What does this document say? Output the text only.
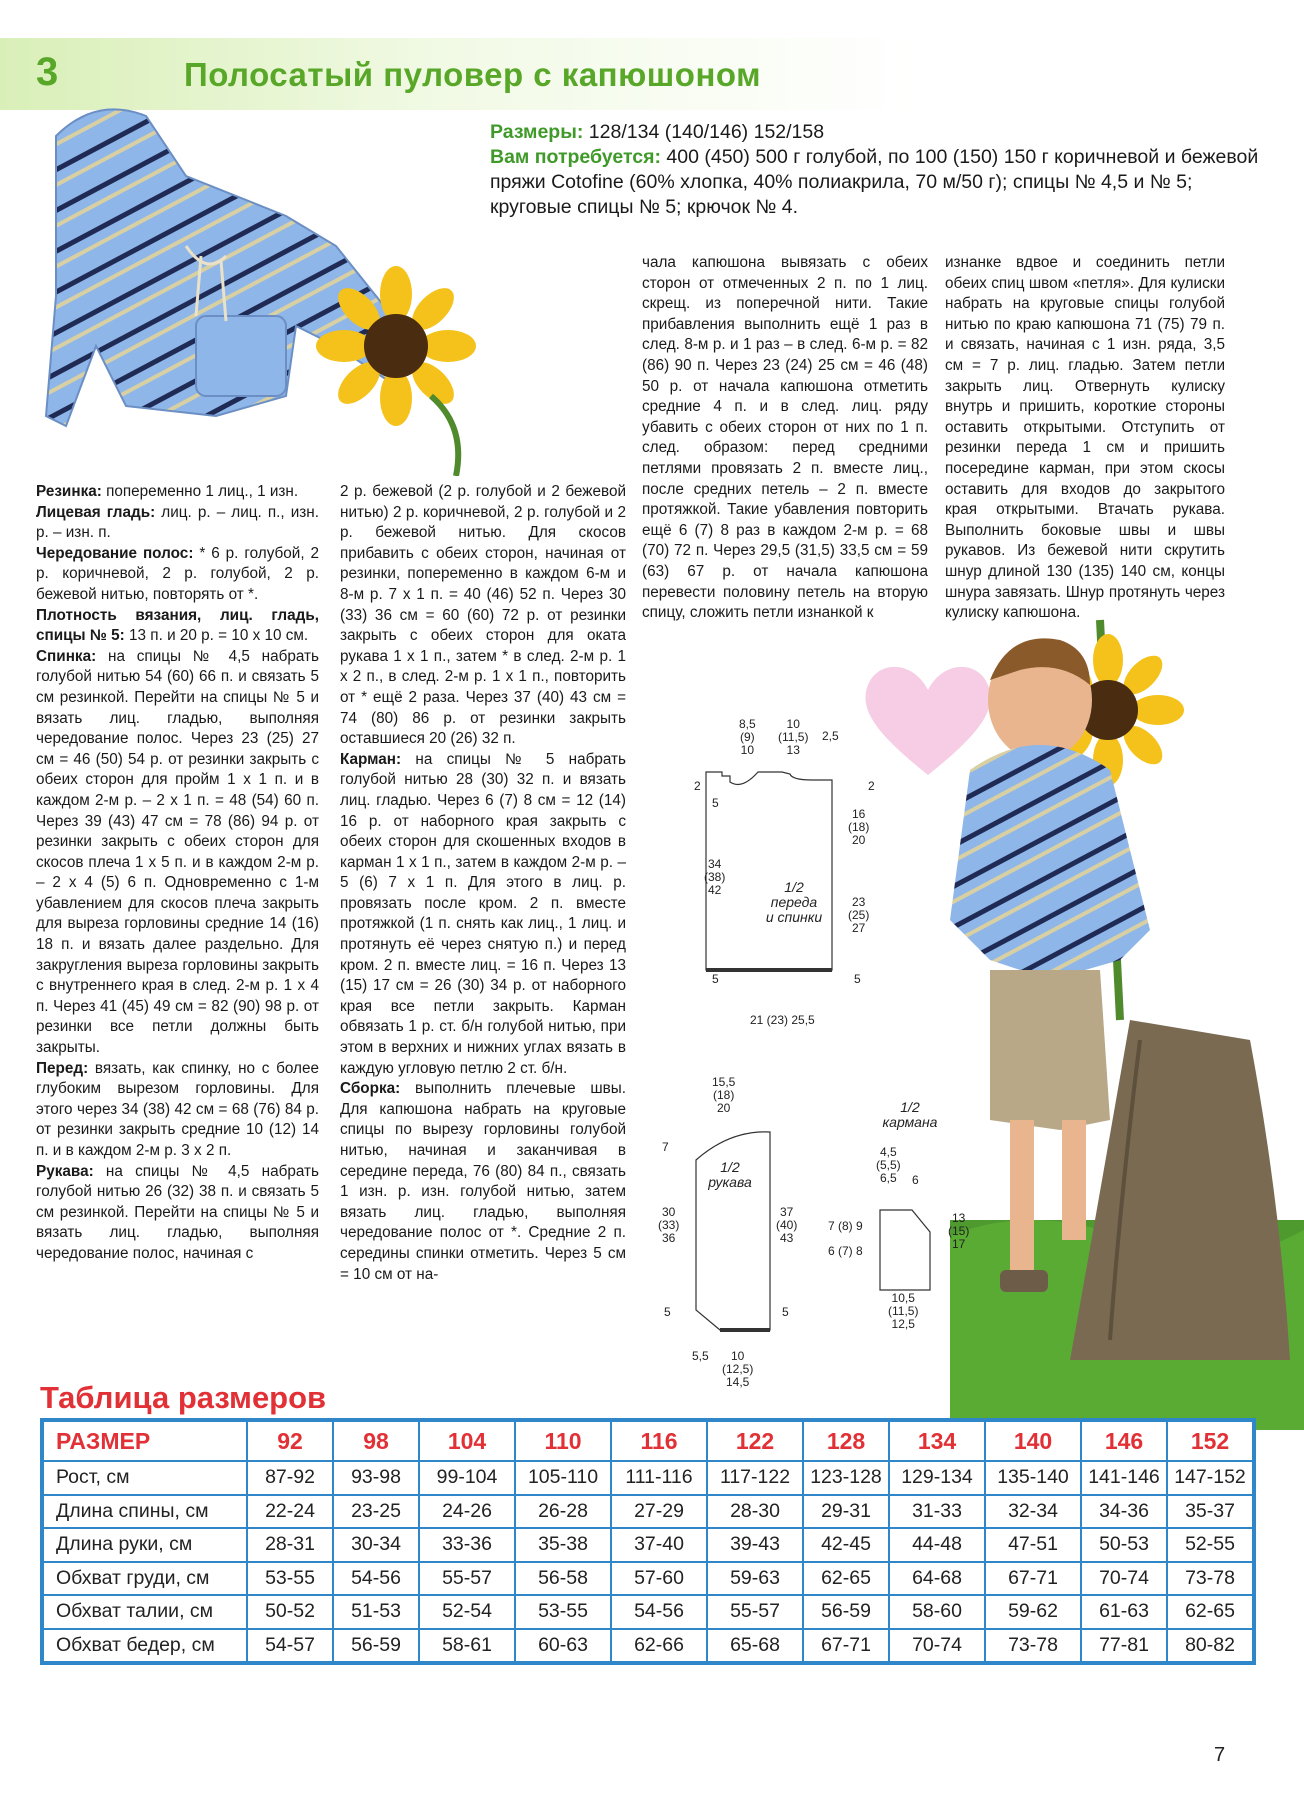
3	Полосатый пуловер с капюшоном
Размеры: 128/134 (140/146) 152/158
Вам потребуется: 400 (450) 500 г голубой, по 100 (150) 150 г коричневой и бежевой пряжи Cotofine (60% хлопка, 40% полиакрила, 70 м/50 г); спицы № 4,5 и № 5; круговые спицы № 5; крючок № 4.

Резинка: попеременно 1 лиц., 1 изн.

Лицевая гладь: лиц. р. – лиц. п., изн. р. – изн. п.

Чередование полос: * 6 р. голубой, 2 р. коричневой, 2 р. голубой, 2 р. бежевой нитью, повторять от *.

Плотность вязания, лиц. гладь, спицы № 5: 13 п. и 20 р. = 10 х 10 см.

Спинка: на спицы № 4,5 набрать голубой нитью 54 (60) 66 п. и связать 5 см резинкой. Перейти на спицы № 5 и вязать лиц. гладью, выполняя чередование полос. Через 23 (25) 27 см = 46 (50) 54 р. от резинки закрыть с обеих сторон для пройм 1 х 1 п. и в каждом 2-м р. – 2 х 1 п. = 48 (54) 60 п. Через 39 (43) 47 см = 78 (86) 94 р. от резинки закрыть с обеих сторон для скосов плеча 1 х 5 п. и в каждом 2-м р. – 2 х 4 (5) 6 п. Одновременно с 1-м убавлением для скосов плеча закрыть для выреза горловины средние 14 (16) 18 п. и вязать далее раздельно. Для закругления выреза горловины закрыть с внутреннего края в след. 2-м р. 1 х 4 п. Через 41 (45) 49 см = 82 (90) 98 р. от резинки все петли должны быть закрыты.

Перед: вязать, как спинку, но с более глубоким вырезом горловины. Для этого через 34 (38) 42 см = 68 (76) 84 р. от резинки закрыть средние 10 (12) 14 п. и в каждом 2-м р. 3 х 2 п.

Рукава: на спицы № 4,5 набрать голубой нитью 26 (32) 38 п. и связать 5 см резинкой. Перейти на спицы № 5 и вязать лиц. гладью, выполняя чередование полос, начиная с

2 р. бежевой (2 р. голубой и 2 бежевой нитью) 2 р. коричневой, 2 р. голубой и 2 р. бежевой нитью. Для скосов прибавить с обеих сторон, начиная от резинки, попеременно в каждом 6-м и 8-м р. 7 х 1 п. = 40 (46) 52 п. Через 30 (33) 36 см = 60 (60) 72 р. от резинки закрыть с обеих сторон для оката рукава 1 х 1 п., затем * в след. 2-м р. 1 х 2 п., в след. 2-м р. 1 х 1 п., повторить от * ещё 2 раза. Через 37 (40) 43 см = 74 (80) 86 р. от резинки закрыть оставшиеся 20 (26) 32 п.

Карман: на спицы № 5 набрать голубой нитью 28 (30) 32 п. и вязать лиц. гладью. Через 6 (7) 8 см = 12 (14) 16 р. от наборного края закрыть с обеих сторон для скошенных входов в карман 1 х 1 п., затем в каждом 2-м р. – 5 (6) 7 х 1 п. Для этого в лиц. р. провязать после кром. 2 п. вместе протяжкой (1 п. снять как лиц., 1 лиц. и протянуть её через снятую п.) и перед кром. 2 п. вместе лиц. = 16 п. Через 13 (15) 17 см = 26 (30) 34 р. от наборного края все петли закрыть. Карман обвязать 1 р. ст. б/н голубой нитью, при этом в верхних и нижних углах вязать в каждую угловую петлю 2 ст. б/н.

Сборка: выполнить плечевые швы. Для капюшона набрать на круговые спицы по вырезу горловины голубой нитью, начиная и заканчивая в середине переда, 76 (80) 84 п., связать 1 изн. р. изн. голубой нитью, затем вязать лиц. гладью, выполняя чередование полос от *. Средние 2 п. середины спинки отметить. Через 5 см = 10 см от на-

чала капюшона вывязать с обеих сторон от отмеченных 2 п. по 1 лиц. скрещ. из поперечной нити. Такие прибавления выполнить ещё 1 раз в след. 8-м р. и 1 раз – в след. 6-м р. = 82 (86) 90 п. Через 23 (24) 25 см = 46 (48) 50 р. от начала капюшона отметить средние 4 п. и в след. лиц. ряду убавить с обеих сторон от них по 1 п. след. образом: перед средними петлями провязать 2 п. вместе лиц., после средних петель – 2 п. вместе протяжкой. Такие убавления повторить ещё 6 (7) 8 раз в каждом 2-м р. = 68 (70) 72 п. Через 29,5 (31,5) 33,5 см = 59 (63) 67 р. от начала капюшона перевести половину петель на вторую спицу, сложить петли изнанкой к

изнанке вдвое и соединить петли обеих спиц швом «петля». Для кулиски набрать на круговые спицы голубой нитью по краю капюшона 71 (75) 79 п. и связать, начиная с 1 изн. ряда, 3,5 см = 7 р. лиц. гладью. Затем петли закрыть лиц. Отвернуть кулиску внутрь и пришить, короткие стороны оставить открытыми. Отступить от резинки переда 1 см и пришить посередине карман, при этом скосы оставить для входов до закрытого края открытыми. Втачать рукава. Выполнить боковые швы и швы рукавов. Из бежевой нити скрутить шнур длиной 130 (135) 140 см, концы шнура завязать. Шнур протянуть через кулиску капюшона.

8,5
(9)
10
10
(11,5)
13
2,5
2
5
2
16
(18)
20
34
(38)
42
23
(25)
27
1/2
переда
и спинки
5	5
21 (23) 25,5
15,5
(18)
20
7
1/2
рукава
30
(33)
36
37
(40)
43
5	5
5,5	10
(12,5)
14,5
1/2
кармана
4,5
(5,5)
6,5	6
7 (8) 9
6 (7) 8
13
(15)
17
10,5
(11,5)
12,5
Таблица размеров
РАЗМЕР	92	98	104	110	116	122	128	134	140	146	152
Рост, см	87-92	93-98	99-104	105-110	111-116	117-122	123-128	129-134	135-140	141-146	147-152
Длина спины, см	22-24	23-25	24-26	26-28	27-29	28-30	29-31	31-33	32-34	34-36	35-37
Длина руки, см	28-31	30-34	33-36	35-38	37-40	39-43	42-45	44-48	47-51	50-53	52-55
Обхват груди, см	53-55	54-56	55-57	56-58	57-60	59-63	62-65	64-68	67-71	70-74	73-78
Обхват талии, см	50-52	51-53	52-54	53-55	54-56	55-57	56-59	58-60	59-62	61-63	62-65
Обхват бедер, см	54-57	56-59	58-61	60-63	62-66	65-68	67-71	70-74	73-78	77-81	80-82
7
